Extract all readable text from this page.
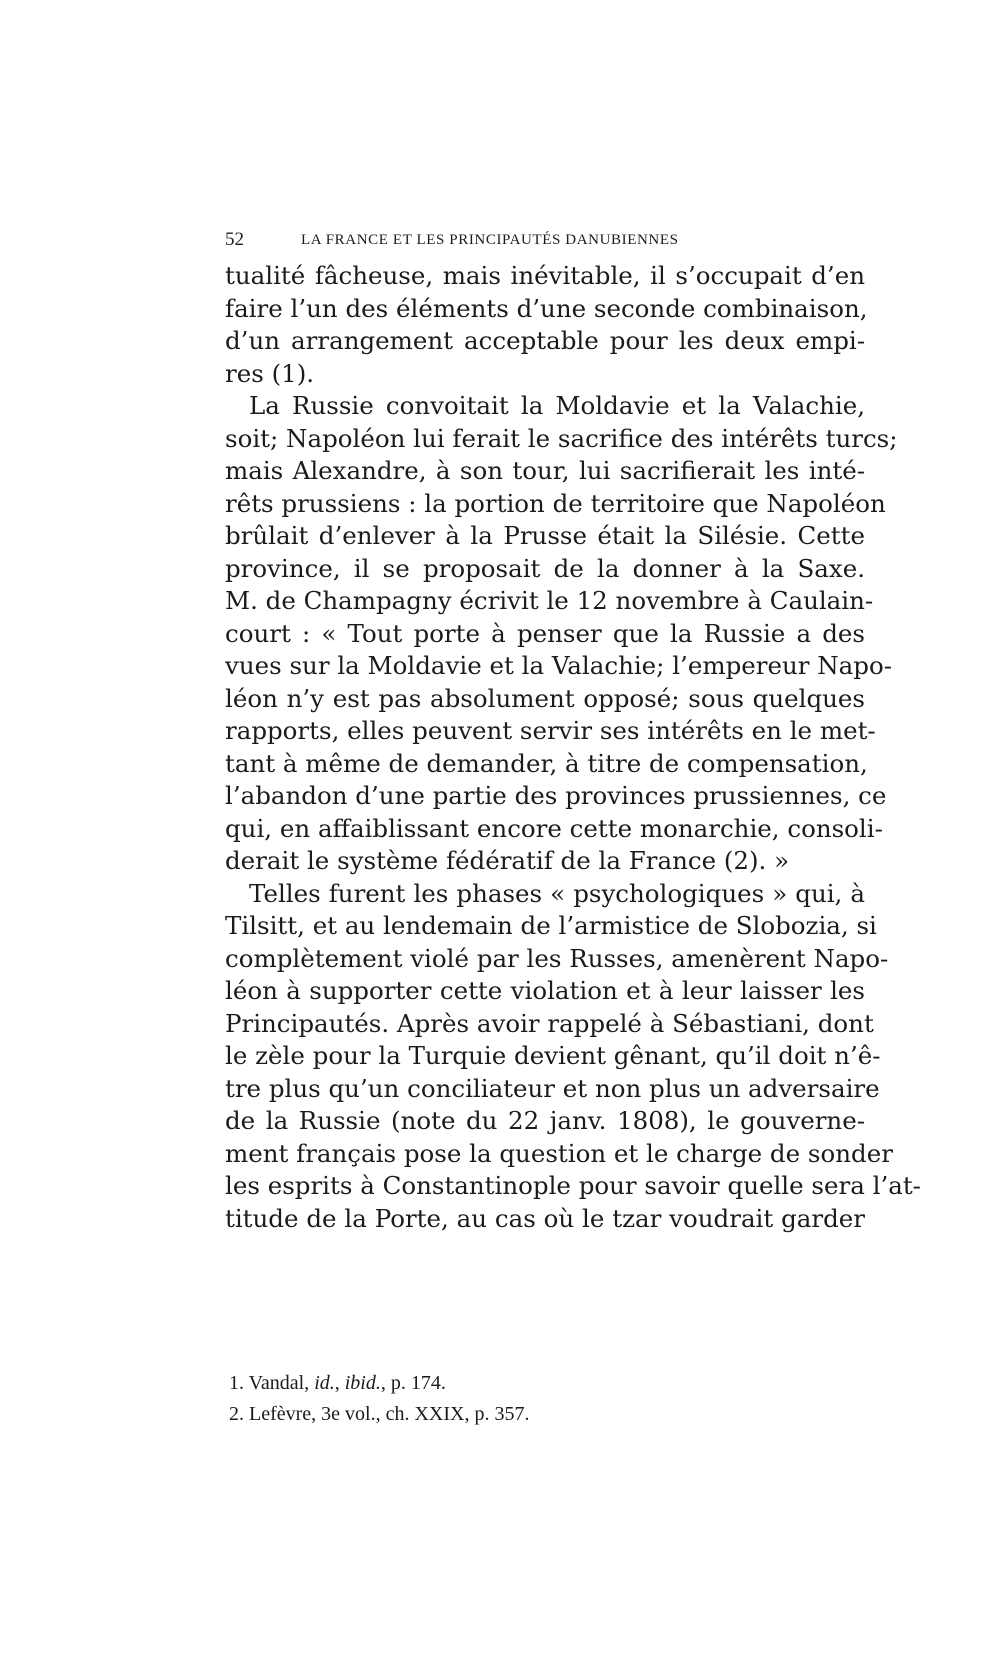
52	LA FRANCE ET LES PRINCIPAUTÉS DANUBIENNES
tualité fâcheuse, mais inévitable, il s’occupait d’en
faire l’un des éléments d’une seconde combinaison,
d’un arrangement acceptable pour les deux empi-
res (1).
La Russie convoitait la Moldavie et la Valachie,
soit; Napoléon lui ferait le sacrifice des intérêts turcs;
mais Alexandre, à son tour, lui sacrifierait les inté-
rêts prussiens : la portion de territoire que Napoléon
brûlait d’enlever à la Prusse était la Silésie. Cette
province, il se proposait de la donner à la Saxe.
M. de Champagny écrivit le 12 novembre à Caulain-
court : « Tout porte à penser que la Russie a des
vues sur la Moldavie et la Valachie; l’empereur Napo-
léon n’y est pas absolument opposé; sous quelques
rapports, elles peuvent servir ses intérêts en le met-
tant à même de demander, à titre de compensation,
l’abandon d’une partie des provinces prussiennes, ce
qui, en affaiblissant encore cette monarchie, consoli-
derait le système fédératif de la France (2). »
Telles furent les phases « psychologiques » qui, à
Tilsitt, et au lendemain de l’armistice de Slobozia, si
complètement violé par les Russes, amenèrent Napo-
léon à supporter cette violation et à leur laisser les
Principautés. Après avoir rappelé à Sébastiani, dont
le zèle pour la Turquie devient gênant, qu’il doit n’ê-
tre plus qu’un conciliateur et non plus un adversaire
de la Russie (note du 22 janv. 1808), le gouverne-
ment français pose la question et le charge de sonder
les esprits à Constantinople pour savoir quelle sera l’at-
titude de la Porte, au cas où le tzar voudrait garder
1. Vandal, id., ibid., p. 174.
2. Lefèvre, 3e vol., ch. XXIX, p. 357.
